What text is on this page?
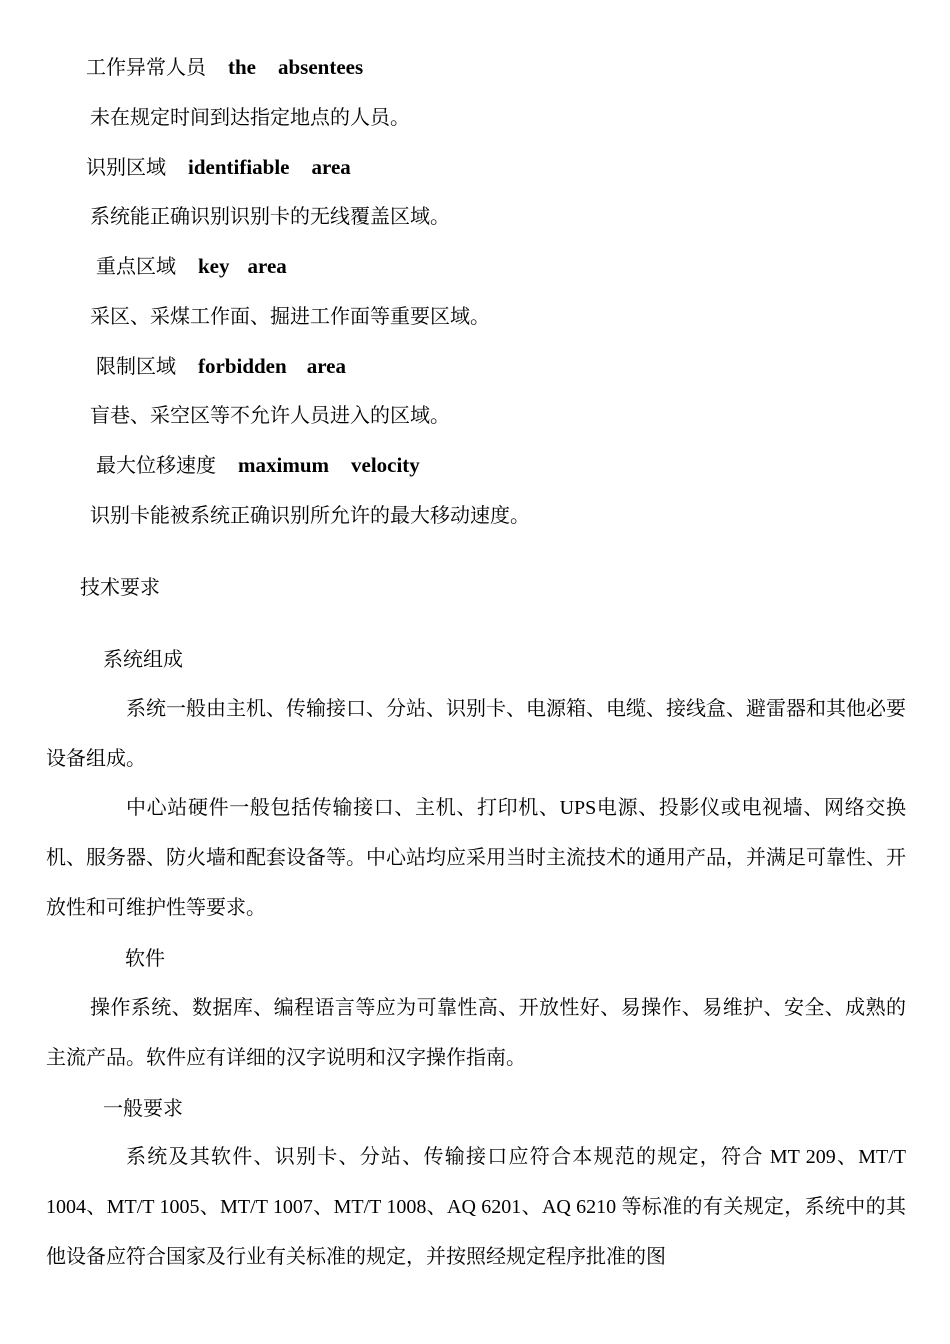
工作异常人员 the absentees
未在规定时间到达指定地点的人员。
识别区域 identifiable area
系统能正确识别识别卡的无线覆盖区域。
重点区域 key area
采区、采煤工作面、掘进工作面等重要区域。
限制区域 forbidden area
盲巷、采空区等不允许人员进入的区域。
最大位移速度 maximum velocity
识别卡能被系统正确识别所允许的最大移动速度。
技术要求
系统组成
系统一般由主机、传输接口、分站、识别卡、电源箱、电缆、接线盒、避雷器和其他必要设备组成。
中心站硬件一般包括传输接口、主机、打印机、UPS电源、投影仪或电视墙、网络交换机、服务器、防火墙和配套设备等。中心站均应采用当时主流技术的通用产品，并满足可靠性、开放性和可维护性等要求。
软件
操作系统、数据库、编程语言等应为可靠性高、开放性好、易操作、易维护、安全、成熟的主流产品。软件应有详细的汉字说明和汉字操作指南。
一般要求
系统及其软件、识别卡、分站、传输接口应符合本规范的规定，符合 MT 209、MT/T 1004、MT/T 1005、MT/T 1007、MT/T 1008、AQ 6201、AQ 6210 等标准的有关规定，系统中的其他设备应符合国家及行业有关标准的规定，并按照经规定程序批准的图
